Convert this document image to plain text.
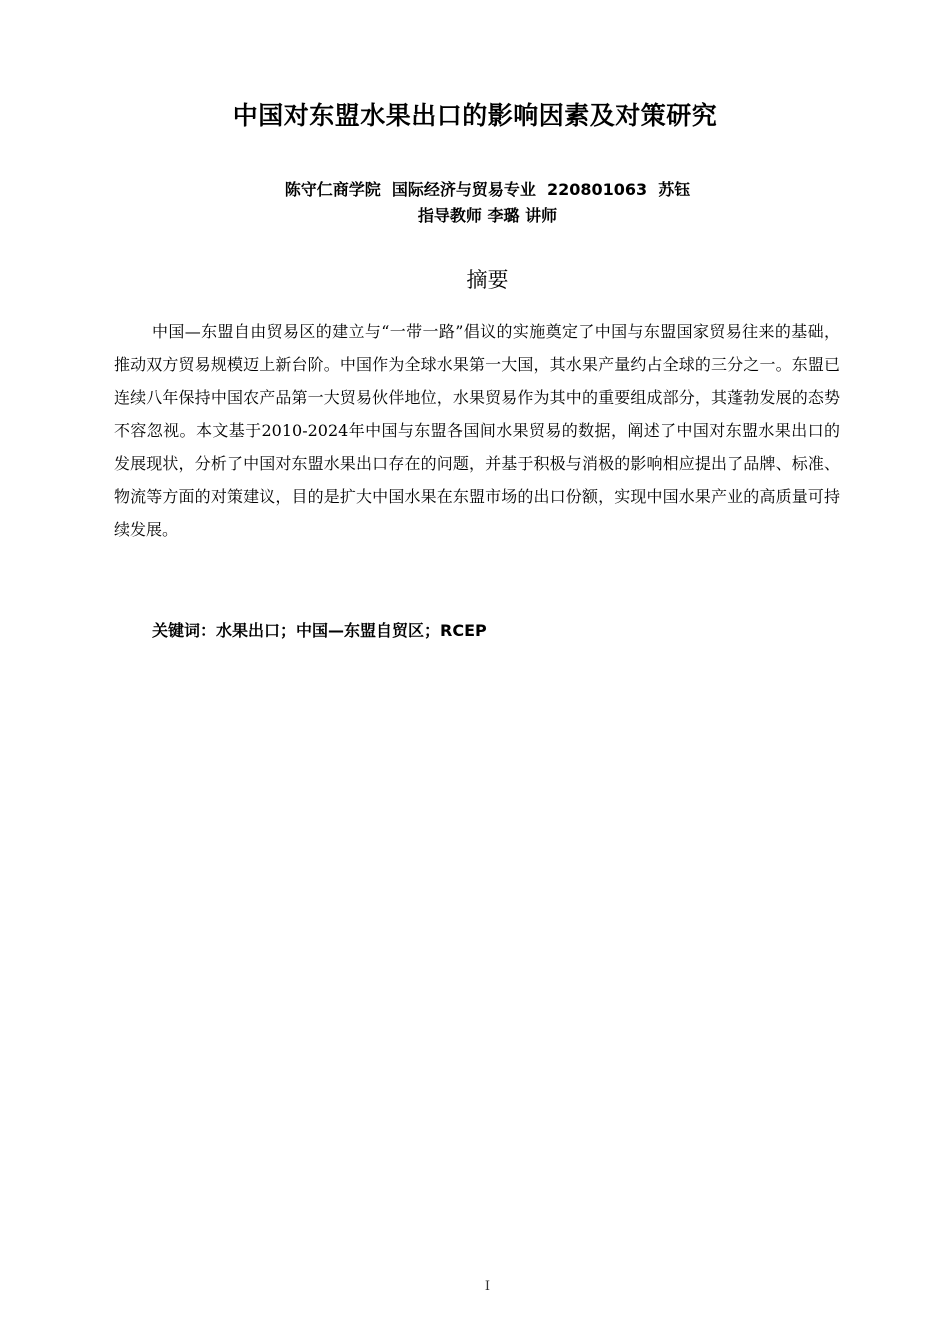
中国对东盟水果出口的影响因素及对策研究
陈守仁商学院  国际经济与贸易专业  220801063  苏钰
指导教师 李璐 讲师
摘要

中国—东盟自由贸易区的建立与“一带一路”倡议的实施奠定了中国与东盟国家贸易往来的基础，推动双方贸易规模迈上新台阶。中国作为全球水果第一大国，其水果产量约占全球的三分之一。东盟已连续八年保持中国农产品第一大贸易伙伴地位，水果贸易作为其中的重要组成部分，其蓬勃发展的态势不容忽视。本文基于2010-2024年中国与东盟各国间水果贸易的数据，阐述了中国对东盟水果出口的发展现状，分析了中国对东盟水果出口存在的问题，并基于积极与消极的影响相应提出了品牌、标准、物流等方面的对策建议，目的是扩大中国水果在东盟市场的出口份额，实现中国水果产业的高质量可持续发展。

关键词：水果出口；中国—东盟自贸区；RCEP
I
